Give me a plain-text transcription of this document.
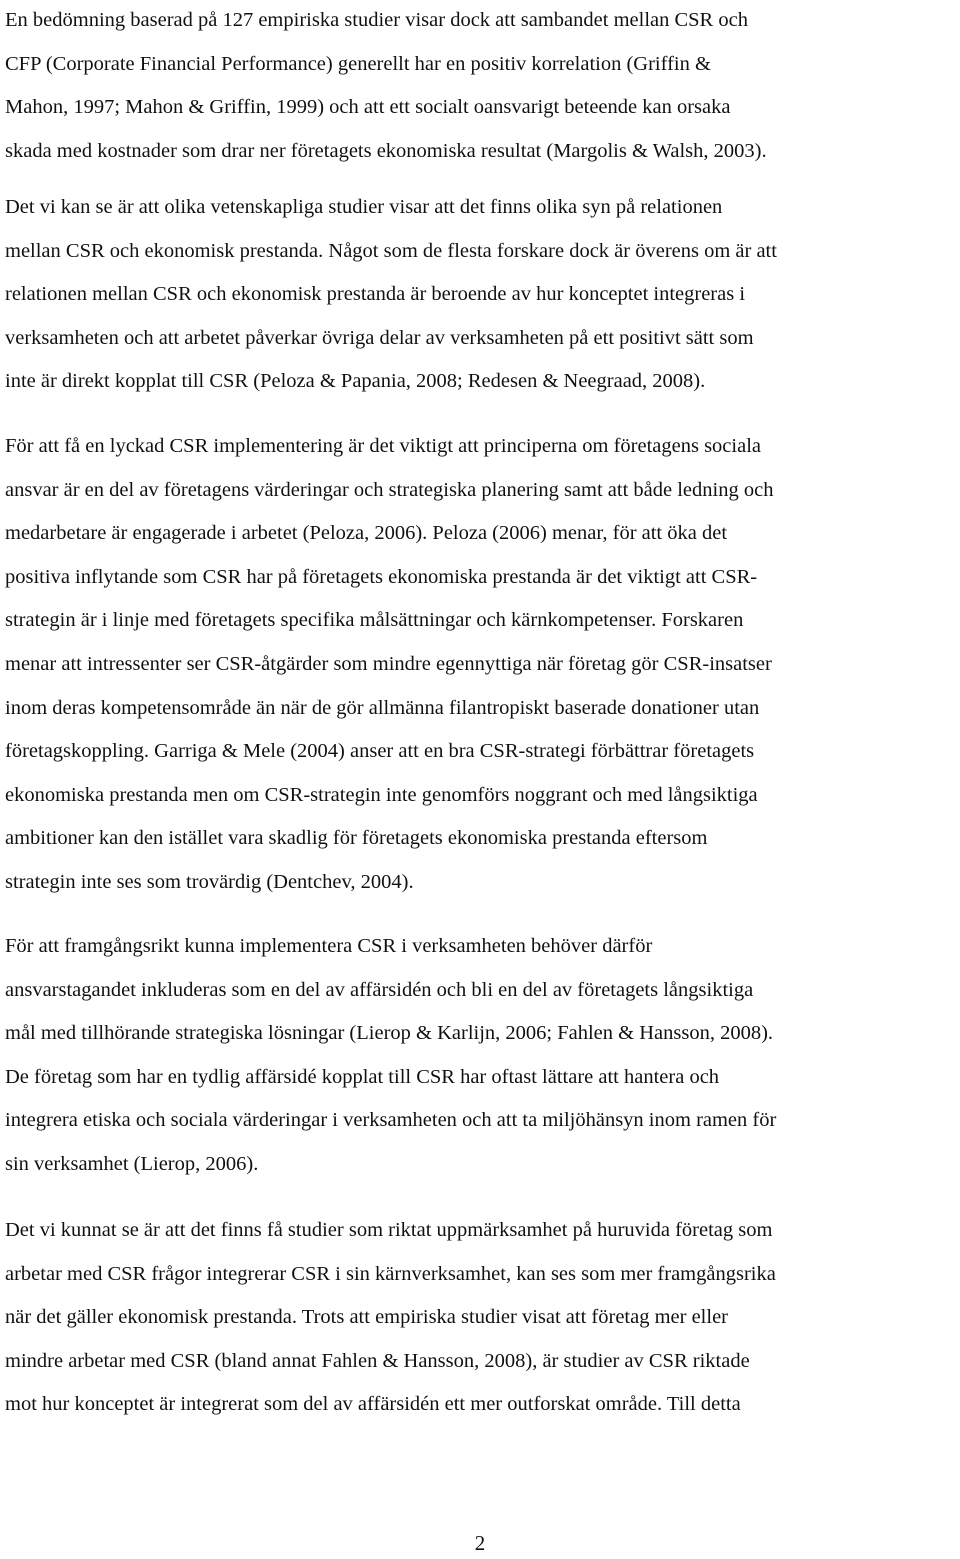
En bedömning baserad på 127 empiriska studier visar dock att sambandet mellan CSR och
CFP (Corporate Financial Performance) generellt har en positiv korrelation (Griffin &
Mahon, 1997; Mahon & Griffin, 1999) och att ett socialt oansvarigt beteende kan orsaka
skada med kostnader som drar ner företagets ekonomiska resultat (Margolis & Walsh, 2003).
Det vi kan se är att olika vetenskapliga studier visar att det finns olika syn på relationen
mellan CSR och ekonomisk prestanda. Något som de flesta forskare dock är överens om är att
relationen mellan CSR och ekonomisk prestanda är beroende av hur konceptet integreras i
verksamheten och att arbetet påverkar övriga delar av verksamheten på ett positivt sätt som
inte är direkt kopplat till CSR (Peloza & Papania, 2008; Redesen & Neegraad, 2008).
För att få en lyckad CSR implementering är det viktigt att principerna om företagens sociala
ansvar är en del av företagens värderingar och strategiska planering samt att både ledning och
medarbetare är engagerade i arbetet (Peloza, 2006). Peloza (2006) menar, för att öka det
positiva inflytande som CSR har på företagets ekonomiska prestanda är det viktigt att CSR-
strategin är i linje med företagets specifika målsättningar och kärnkompetenser. Forskaren
menar att intressenter ser CSR-åtgärder som mindre egennyttiga när företag gör CSR-insatser
inom deras kompetensområde än när de gör allmänna filantropiskt baserade donationer utan
företagskoppling. Garriga & Mele (2004) anser att en bra CSR-strategi förbättrar företagets
ekonomiska prestanda men om CSR-strategin inte genomförs noggrant och med långsiktiga
ambitioner kan den istället vara skadlig för företagets ekonomiska prestanda eftersom
strategin inte ses som trovärdig (Dentchev, 2004).
För att framgångsrikt kunna implementera CSR i verksamheten behöver därför
ansvarstagandet inkluderas som en del av affärsidén och bli en del av företagets långsiktiga
mål med tillhörande strategiska lösningar (Lierop & Karlijn, 2006; Fahlen & Hansson, 2008).
De företag som har en tydlig affärsidé kopplat till CSR har oftast lättare att hantera och
integrera etiska och sociala värderingar i verksamheten och att ta miljöhänsyn inom ramen för
sin verksamhet (Lierop, 2006).
Det vi kunnat se är att det finns få studier som riktat uppmärksamhet på huruvida företag som
arbetar med CSR frågor integrerar CSR i sin kärnverksamhet, kan ses som mer framgångsrika
när det gäller ekonomisk prestanda. Trots att empiriska studier visat att företag mer eller
mindre arbetar med CSR (bland annat Fahlen & Hansson, 2008), är studier av CSR riktade
mot hur konceptet är integrerat som del av affärsidén ett mer outforskat område. Till detta
2
